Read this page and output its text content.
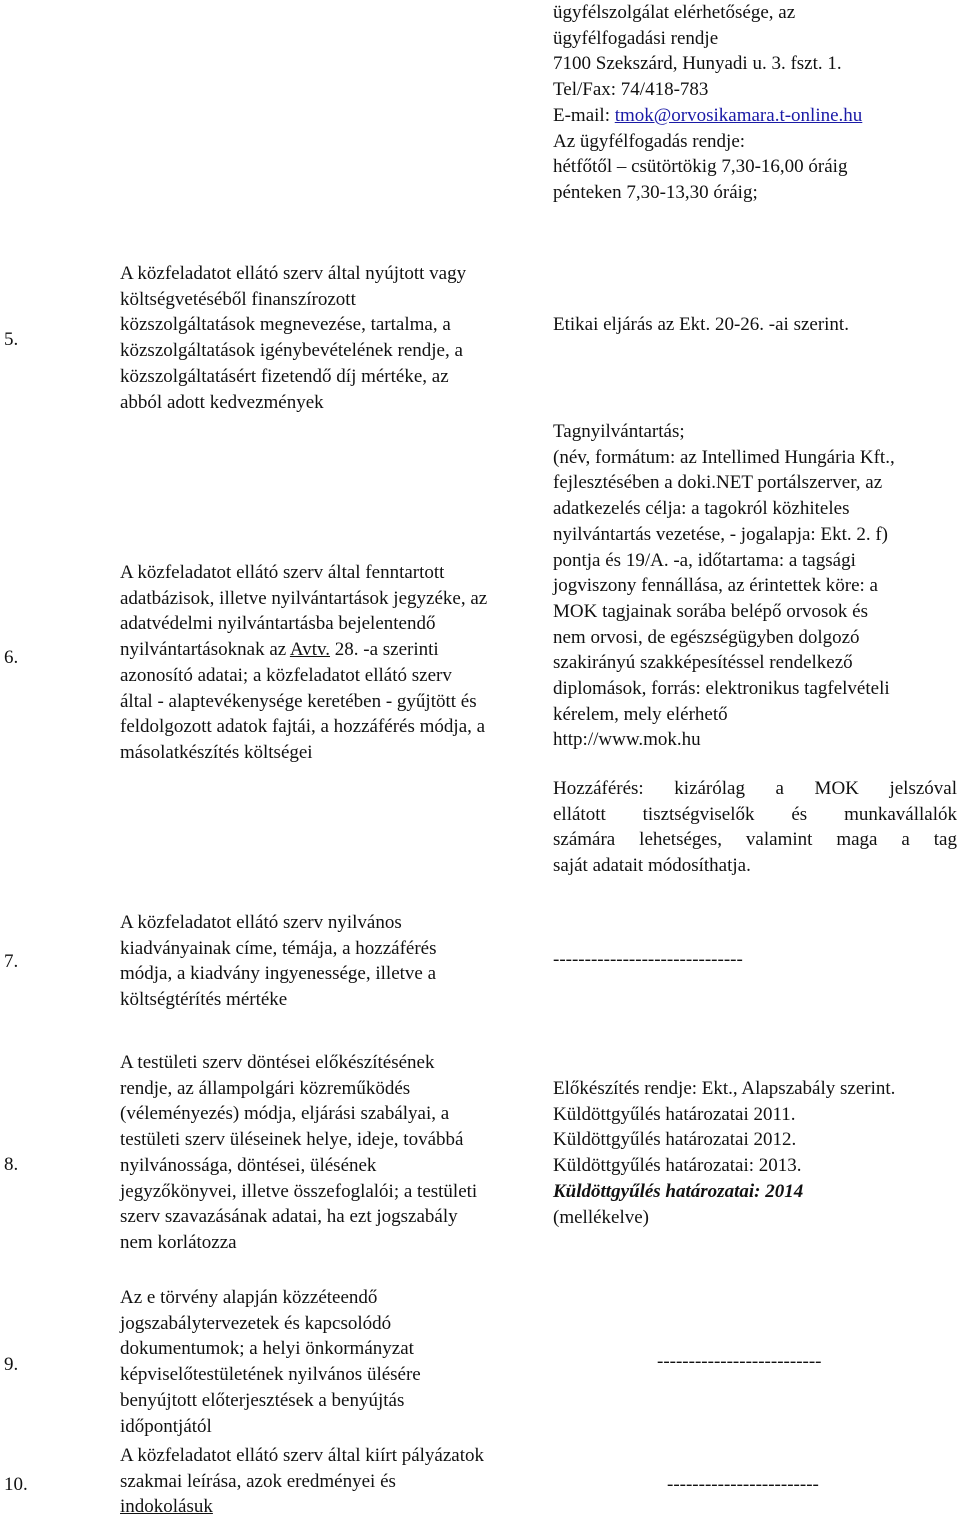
ügyfélszolgálat elérhetősége, az
ügyfélfogadási rendje
7100 Szekszárd, Hunyadi u. 3. fszt. 1.
Tel/Fax: 74/418-783
E-mail: tmok@orvosikamara.t-online.hu
Az ügyfélfogadás rendje:
hétfőtől – csütörtökig 7,30-16,00 óráig
pénteken 7,30-13,30 óráig;
5.
A közfeladatot ellátó szerv által nyújtott vagy
költségvetéséből finanszírozott
közszolgáltatások megnevezése, tartalma, a
közszolgáltatások igénybevételének rendje, a
közszolgáltatásért fizetendő díj mértéke, az
abból adott kedvezmények
Etikai eljárás az Ekt. 20-26. -ai szerint.
6.
A közfeladatot ellátó szerv által fenntartott
adatbázisok, illetve nyilvántartások jegyzéke, az
adatvédelmi nyilvántartásba bejelentendő
nyilvántartásoknak az Avtv. 28. -a szerinti
azonosító adatai; a közfeladatot ellátó szerv
által - alaptevékenysége keretében - gyűjtött és
feldolgozott adatok fajtái, a hozzáférés módja, a
másolatkészítés költségei
Tagnyilvántartás;
(név, formátum: az Intellimed Hungária Kft.,
fejlesztésében a doki.NET portálszerver, az
adatkezelés célja: a tagokról közhiteles
nyilvántartás vezetése, - jogalapja: Ekt. 2. f)
pontja és 19/A. -a, időtartama: a tagsági
jogviszony fennállása, az érintettek köre: a
MOK tagjainak sorába belépő orvosok és
nem orvosi, de egészségügyben dolgozó
szakirányú szakképesítéssel rendelkező
diplomások, forrás: elektronikus tagfelvételi
kérelem, mely elérhető
http://www.mok.hu
Hozzáférés: kizárólag a MOK jelszóval
ellátott tisztségviselők és munkavállalók
számára lehetséges, valamint maga a tag
saját adatait módosíthatja.
7.
A közfeladatot ellátó szerv nyilvános
kiadványainak címe, témája, a hozzáférés
módja, a kiadvány ingyenessége, illetve a
költségtérítés mértéke
------------------------------
8.
A testületi szerv döntései előkészítésének
rendje, az állampolgári közreműködés
(véleményezés) módja, eljárási szabályai, a
testületi szerv üléseinek helye, ideje, továbbá
nyilvánossága, döntései, ülésének
jegyzőkönyvei, illetve összefoglalói; a testületi
szerv szavazásának adatai, ha ezt jogszabály
nem korlátozza
Előkészítés rendje: Ekt., Alapszabály szerint.
Küldöttgyűlés határozatai 2011.
Küldöttgyűlés határozatai 2012.
Küldöttgyűlés határozatai: 2013.
Küldöttgyűlés határozatai: 2014
(mellékelve)
9.
Az e törvény alapján közzéteendő
jogszabálytervezetek és kapcsolódó
dokumentumok; a helyi önkormányzat
képviselőtestületének nyilvános ülésére
benyújtott előterjesztések a benyújtás
időpontjától
--------------------------
10.
A közfeladatot ellátó szerv által kiírt pályázatok
szakmai leírása, azok eredményei és
indokolásuk
------------------------
